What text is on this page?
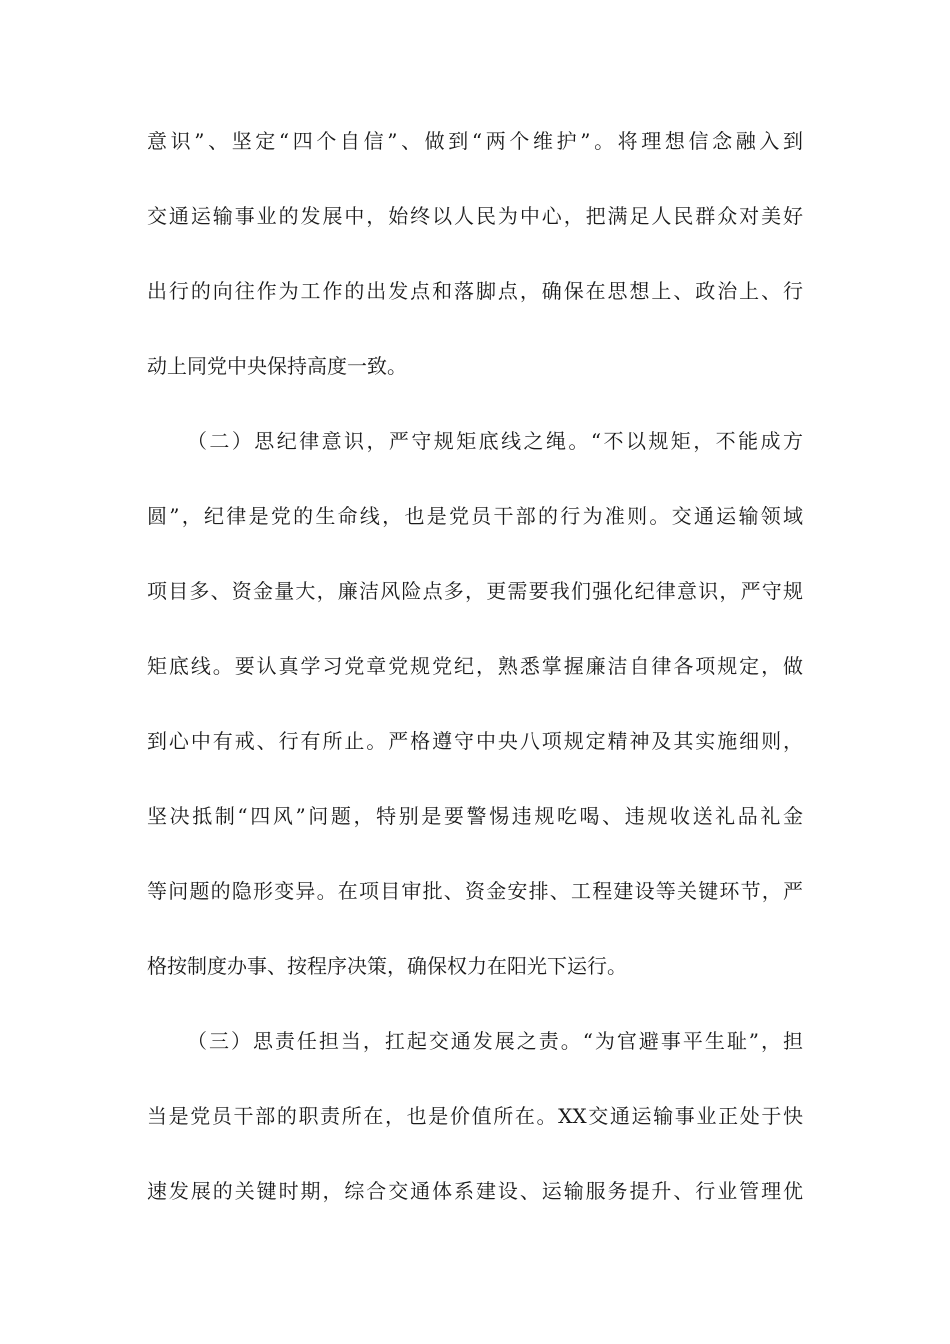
意识”、坚定“四个自信”、做到“两个维护”。将理想信念融入到
交通运输事业的发展中，始终以人民为中心，把满足人民群众对美好
出行的向往作为工作的出发点和落脚点，确保在思想上、政治上、行
动上同党中央保持高度一致。
（二）思纪律意识，严守规矩底线之绳。“不以规矩，不能成方
圆”，纪律是党的生命线，也是党员干部的行为准则。交通运输领域
项目多、资金量大，廉洁风险点多，更需要我们强化纪律意识，严守规
矩底线。要认真学习党章党规党纪，熟悉掌握廉洁自律各项规定，做
到心中有戒、行有所止。严格遵守中央八项规定精神及其实施细则，
坚决抵制“四风”问题，特别是要警惕违规吃喝、违规收送礼品礼金
等问题的隐形变异。在项目审批、资金安排、工程建设等关键环节，严
格按制度办事、按程序决策，确保权力在阳光下运行。
（三）思责任担当，扛起交通发展之责。“为官避事平生耻”，担
当是党员干部的职责所在，也是价值所在。XX交通运输事业正处于快
速发展的关键时期，综合交通体系建设、运输服务提升、行业管理优
